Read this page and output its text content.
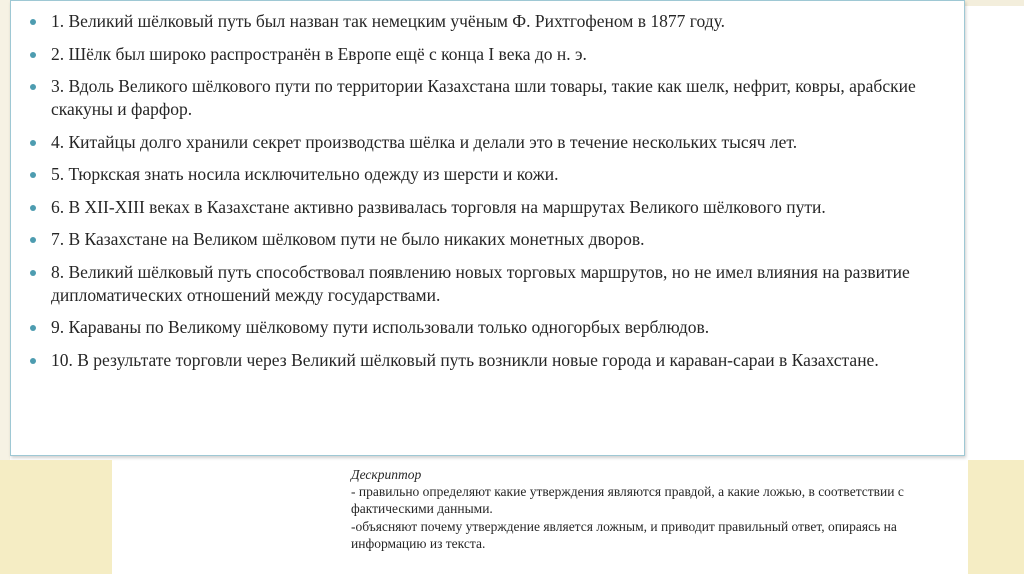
1. Великий шёлковый путь был назван так немецким учёным Ф. Рихтгофеном в 1877 году.
2. Шёлк был широко распространён в Европе ещё с конца I века до н. э.
3. Вдоль Великого шёлкового пути по территории Казахстана шли товары, такие как шелк, нефрит, ковры, арабские скакуны и фарфор.
4. Китайцы долго хранили секрет производства шёлка и делали это в течение нескольких тысяч лет.
5. Тюркская знать носила исключительно одежду из шерсти и кожи.
6. В XII-XIII веках в Казахстане активно развивалась торговля на маршрутах Великого шёлкового пути.
7. В Казахстане на Великом шёлковом пути не было никаких монетных дворов.
8. Великий шёлковый путь способствовал появлению новых торговых маршрутов, но не имел влияния на развитие дипломатических отношений между государствами.
9. Караваны по Великому шёлковому пути использовали только одногорбых верблюдов.
10. В результате торговли через Великий шёлковый путь возникли новые города и караван-сараи в Казахстане.
Дескриптор
- правильно определяют какие утверждения являются правдой, а какие ложью, в соответствии с фактическими данными.
-объясняют почему утверждение является ложным, и приводит правильный ответ, опираясь на информацию из текста.
